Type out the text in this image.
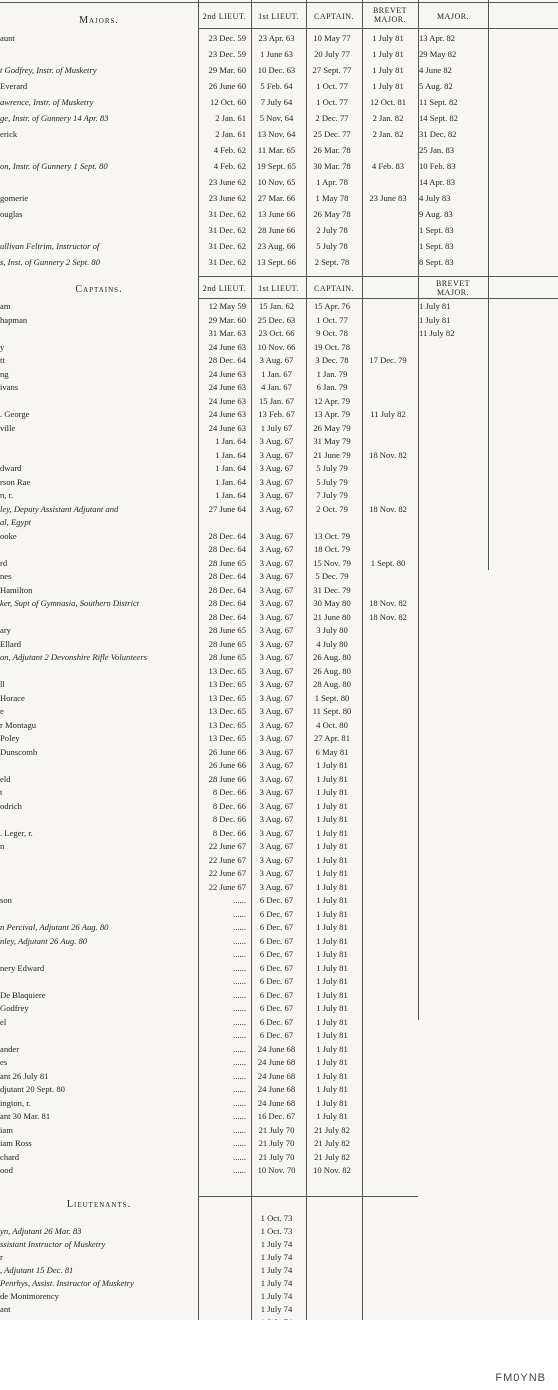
2nd LIEUT.	1st LIEUT.	CAPTAIN.
BREVET
MAJOR.	MAJOR.
Majors.
aunt	23 Dec. 59	23 Apr. 63	10 May 77	1 July 81	13 Apr. 82
	23 Dec. 59	1 June 63	20 July 77	1 July 81	29 May 82
t Godfrey, Instr. of Musketry	29 Mar. 60	10 Dec. 63	27 Sept. 77	1 July 81	4 June 82
Everard	26 June 60	5 Feb. 64	1 Oct. 77	1 July 81	5 Aug. 82
awrence, Instr. of Musketry	12 Oct. 60	7 July 64	1 Oct. 77	12 Oct. 81	11 Sept. 82
ge, Instr. of Gunnery 14 Apr. 83	2 Jan. 61	5 Nov. 64	2 Dec. 77	2 Jan. 82	14 Sept. 82
erick	2 Jan. 61	13 Nov. 64	25 Dec. 77	2 Jan. 82	31 Dec. 82
	4 Feb. 62	11 Mar. 65	26 Mar. 78		25 Jan. 83
on, Instr. of Gunnery 1 Sept. 80	4 Feb. 62	19 Sept. 65	30 Mar. 78	4 Feb. 83	10 Feb. 83
	23 June 62	10 Nov. 65	1 Apr. 78		14 Apr. 83
gomerie	23 June 62	27 Mar. 66	1 May 78	23 June 83	4 July 83
ouglas	31 Dec. 62	13 June 66	26 May 78		9 Aug. 83
	31 Dec. 62	28 June 66	2 July 78		1 Sept. 83
ullivan Feltrim, Instructor of	31 Dec. 62	23 Aug. 66	5 July 78		1 Sept. 83
s, Inst. of Gunnery 2 Sept. 80	31 Dec. 62	13 Sept. 66	2 Sept. 78		8 Sept. 83
2nd LIEUT.	1st LIEUT.	CAPTAIN.
BREVET
MAJOR.
Captains.
am	12 May 59	15 Jan. 62	15 Apr. 76		1 July 81
hapman	29 Mar. 60	25 Dec. 63	1 Oct. 77		1 July 81
	31 Mar. 63	23 Oct. 66	9 Oct. 78		11 July 82
y	24 June 63	10 Nov. 66	19 Oct. 78		
tt	28 Dec. 64	3 Aug. 67	3 Dec. 78	17 Dec. 79	
ng	24 June 63	1 Jan. 67	1 Jan. 79		
ivans	24 June 63	4 Jan. 67	6 Jan. 79		
	24 June 63	15 Jan. 67	12 Apr. 79		
. George	24 June 63	13 Feb. 67	13 Apr. 79	11 July 82	
ville	24 June 63	1 July 67	26 May 79		
	1 Jan. 64	3 Aug. 67	31 May 79		
	1 Jan. 64	3 Aug. 67	21 June 79	18 Nov. 82	
dward	1 Jan. 64	3 Aug. 67	5 July 79		
rson Rae	1 Jan. 64	3 Aug. 67	5 July 79		
n, r.	1 Jan. 64	3 Aug. 67	7 July 79		
ley, Deputy Assistant Adjutant and	27 June 64	3 Aug. 67	2 Oct. 79	18 Nov. 82	
al, Egypt					
ooke	28 Dec. 64	3 Aug. 67	13 Oct. 79		
	28 Dec. 64	3 Aug. 67	18 Oct. 79		
rd	28 June 65	3 Aug. 67	15 Nov. 79	1 Sept. 80	
nes	28 Dec. 64	3 Aug. 67	5 Dec. 79		
Hamilton	28 Dec. 64	3 Aug. 67	31 Dec. 79		
ker, Supt of Gymnasia, Southern District	28 Dec. 64	3 Aug. 67	30 May 80	18 Nov. 82	
	28 Dec. 64	3 Aug. 67	21 June 80	18 Nov. 82	
ary	28 June 65	3 Aug. 67	3 July 80		
Ellard	28 June 65	3 Aug. 67	4 July 80		
on, Adjutant 2 Devonshire Rifle Volunteers	28 June 65	3 Aug. 67	26 Aug. 80		
	13 Dec. 65	3 Aug. 67	26 Aug. 80		
ll	13 Dec. 65	3 Aug. 67	28 Aug. 80		
Horace	13 Dec. 65	3 Aug. 67	1 Sept. 80		
e	13 Dec. 65	3 Aug. 67	11 Sept. 80		
r Montagu	13 Dec. 65	3 Aug. 67	4 Oct. 80		
Poley	13 Dec. 65	3 Aug. 67	27 Apr. 81		
Dunscomb	26 June 66	3 Aug. 67	6 May 81		
	26 June 66	3 Aug. 67	1 July 81		
eld	28 June 66	3 Aug. 67	1 July 81		
t	8 Dec. 66	3 Aug. 67	1 July 81		
odrich	8 Dec. 66	3 Aug. 67	1 July 81		
	8 Dec. 66	3 Aug. 67	1 July 81		
. Leger, r.	8 Dec. 66	3 Aug. 67	1 July 81		
n	22 June 67	3 Aug. 67	1 July 81		
	22 June 67	3 Aug. 67	1 July 81		
	22 June 67	3 Aug. 67	1 July 81		
	22 June 67	3 Aug. 67	1 July 81		
son	......	6 Dec. 67	1 July 81		
	......	6 Dec. 67	1 July 81		
n Percival, Adjutant 26 Aug. 80	......	6 Dec. 67	1 July 81		
nley, Adjutant 26 Aug. 80	......	6 Dec. 67	1 July 81		
	......	6 Dec. 67	1 July 81		
nery Edward	......	6 Dec. 67	1 July 81		
	......	6 Dec. 67	1 July 81		
De Blaquiere	......	6 Dec. 67	1 July 81		
Godfrey	......	6 Dec. 67	1 July 81		
el	......	6 Dec. 67	1 July 81		
	......	6 Dec. 67	1 July 81		
ander	......	24 June 68	1 July 81		
es	......	24 June 68	1 July 81		
ant 26 July 81	......	24 June 68	1 July 81		
djutant 20 Sept. 80	......	24 June 68	1 July 81		
ington, r.	......	24 June 68	1 July 81		
ant 30 Mar. 81	......	16 Dec. 67	1 July 81		
iam	......	21 July 70	21 July 82		
iam Ross	......	21 July 70	21 July 82		
chard	......	21 July 70	21 July 82		
ood	......	10 Nov. 70	10 Nov. 82		
Lieutenants.
		1 Oct. 73			
yn, Adjutant 26 Mar. 83		1 Oct. 73			
ssistant Instructor of Musketry		1 July 74			
r		1 July 74			
, Adjutant 15 Dec. 81		1 July 74			
Penrhys, Assist. Instructor of Musketry		1 July 74			
de Montmorency		1 July 74			
ant		1 July 74			

FM0YNB
